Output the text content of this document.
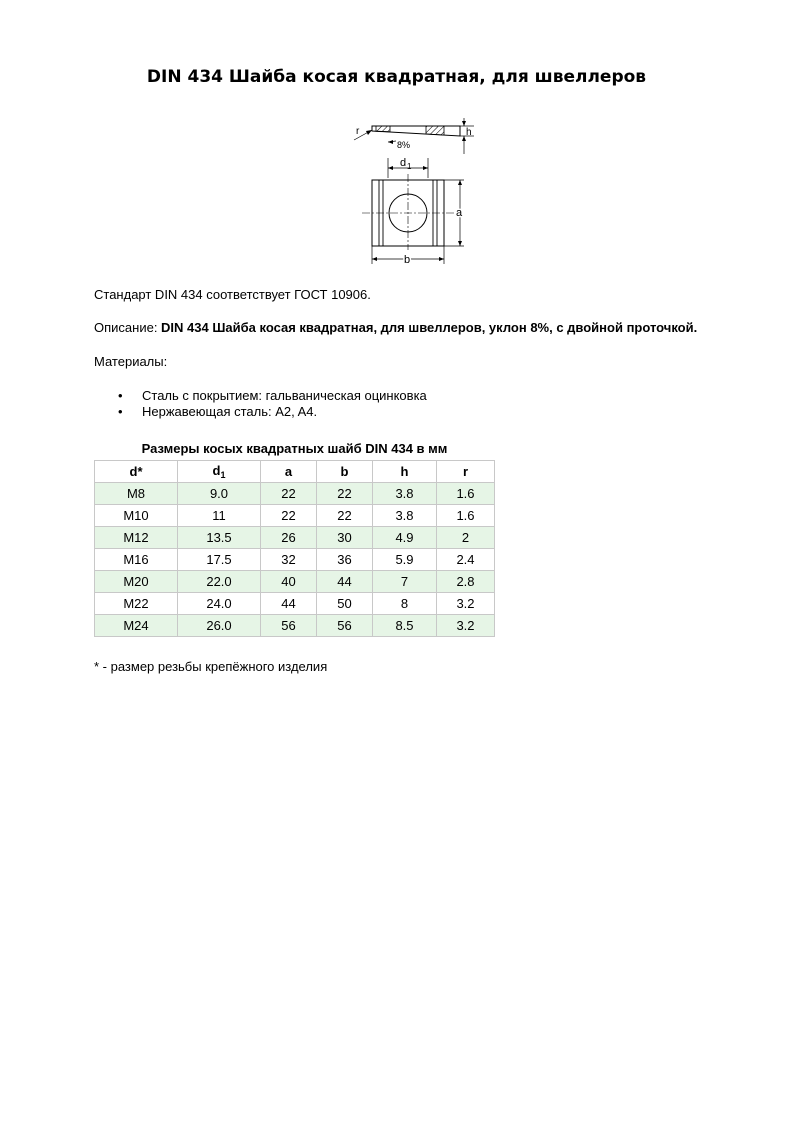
DIN 434 Шайба косая квадратная, для швеллеров
h
r
8%
d 1
a
b
Стандарт DIN 434 соответствует ГОСТ 10906.
Описание: DIN 434 Шайба косая квадратная, для швеллеров, уклон 8%, с двойной проточкой.
Материалы:
• Сталь с покрытием: гальваническая оцинковка
• Нержавеющая сталь: A2, A4.
Размеры косых квадратных шайб DIN 434 в мм
d*	$d_1$	a	b	h	r
M8	9.0	22	22	3.8	1.6
M10	11	22	22	3.8	1.6
M12	13.5	26	30	4.9	2
M16	17.5	32	36	5.9	2.4
M20	22.0	40	44	7	2.8
M22	24.0	44	50	8	3.2
M24	26.0	56	56	8.5	3.2
* - размер резьбы крепёжного изделия
